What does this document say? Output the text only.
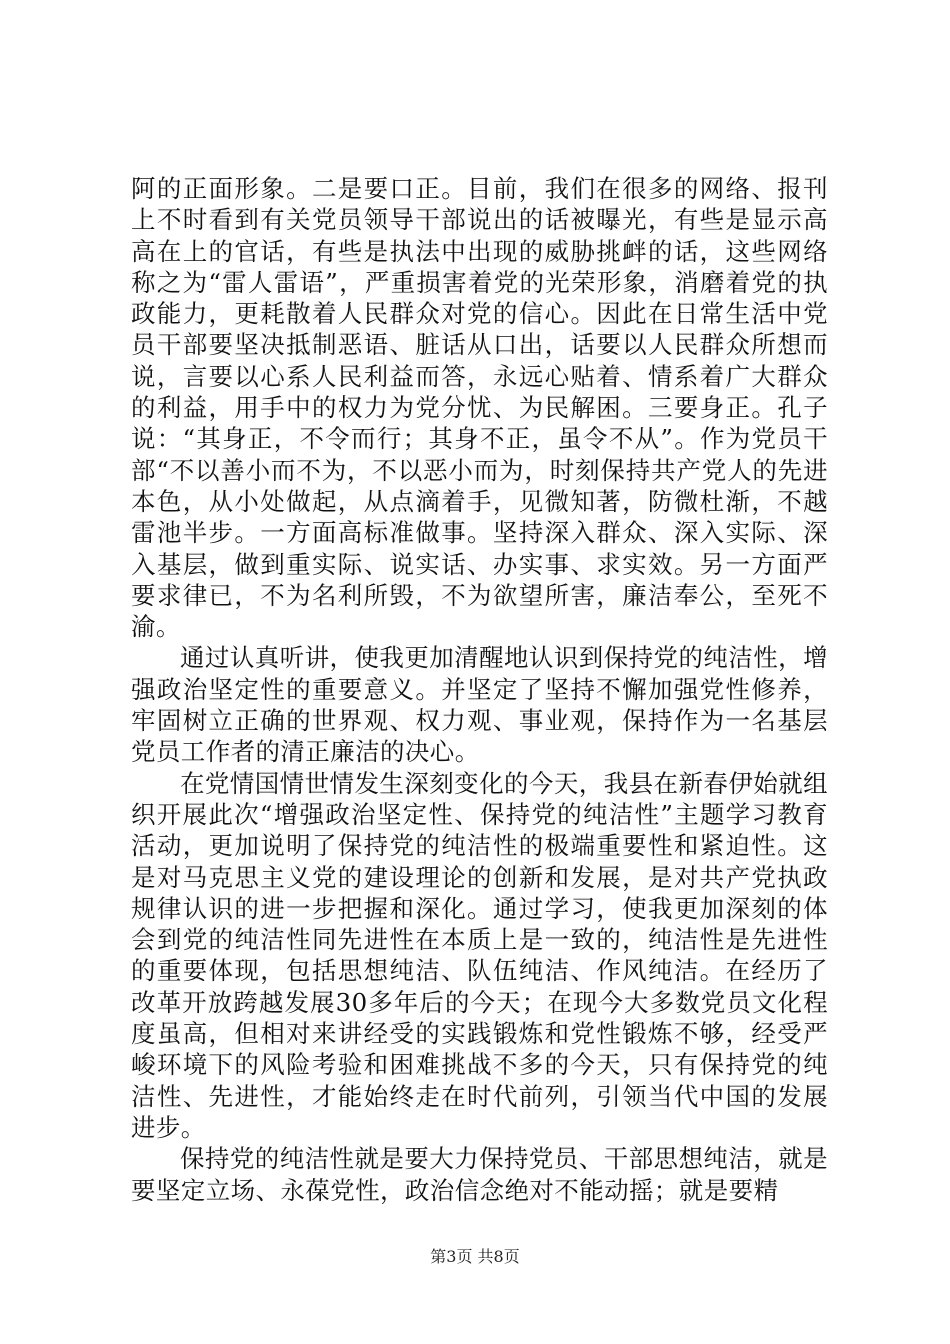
阿的正面形象。二是要口正。目前，我们在很多的网络、报刊上不时看到有关党员领导干部说出的话被曝光，有些是显示高高在上的官话，有些是执法中出现的威胁挑衅的话，这些网络称之为“雷人雷语”，严重损害着党的光荣形象，消磨着党的执政能力，更耗散着人民群众对党的信心。因此在日常生活中党员干部要坚决抵制恶语、脏话从口出，话要以人民群众所想而说，言要以心系人民利益而答，永远心贴着、情系着广大群众的利益，用手中的权力为党分忧、为民解困。三要身正。孔子说：“其身正，不令而行；其身不正，虽令不从”。作为党员干部“不以善小而不为，不以恶小而为，时刻保持共产党人的先进本色，从小处做起，从点滴着手，见微知著，防微杜渐，不越雷池半步。一方面高标准做事。坚持深入群众、深入实际、深入基层，做到重实际、说实话、办实事、求实效。另一方面严要求律已，不为名利所毁，不为欲望所害，廉洁奉公，至死不渝。

通过认真听讲，使我更加清醒地认识到保持党的纯洁性，增强政治坚定性的重要意义。并坚定了坚持不懈加强党性修养，牢固树立正确的世界观、权力观、事业观，保持作为一名基层党员工作者的清正廉洁的决心。

在党情国情世情发生深刻变化的今天，我县在新春伊始就组织开展此次“增强政治坚定性、保持党的纯洁性”主题学习教育活动，更加说明了保持党的纯洁性的极端重要性和紧迫性。这是对马克思主义党的建设理论的创新和发展，是对共产党执政规律认识的进一步把握和深化。通过学习，使我更加深刻的体会到党的纯洁性同先进性在本质上是一致的，纯洁性是先进性的重要体现，包括思想纯洁、队伍纯洁、作风纯洁。在经历了改革开放跨越发展30多年后的今天；在现今大多数党员文化程度虽高，但相对来讲经受的实践锻炼和党性锻炼不够，经受严峻环境下的风险考验和困难挑战不多的今天，只有保持党的纯洁性、先进性，才能始终走在时代前列，引领当代中国的发展进步。

保持党的纯洁性就是要大力保持党员、干部思想纯洁，就是要坚定立场、永葆党性，政治信念绝对不能动摇；就是要精

第3页 共8页
